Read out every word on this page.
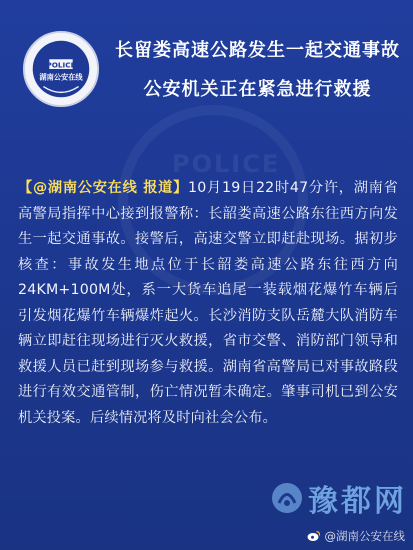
POLICE
POLICE
湖南公安在线
长留娄高速公路发生一起交通事故
公安机关正在紧急进行救援
【@湖南公安在线 报道】10月19日22时47分许，湖南省高警局指挥中心接到报警称：长韶娄高速公路东往西方向发生一起交通事故。接警后，高速交警立即赶赴现场。据初步核查：事故发生地点位于长韶娄高速公路东往西方向24KM+100M处，系一大货车追尾一装载烟花爆竹车辆后引发烟花爆竹车辆爆炸起火。长沙消防支队岳麓大队消防车辆立即赶往现场进行灭火救援，省市交警、消防部门领导和救援人员已赶到现场参与救援。湖南省高警局已对事故路段进行有效交通管制，伤亡情况暂未确定。肇事司机已到公安机关投案。后续情况将及时向社会公布。
豫都网
@湖南公安在线
